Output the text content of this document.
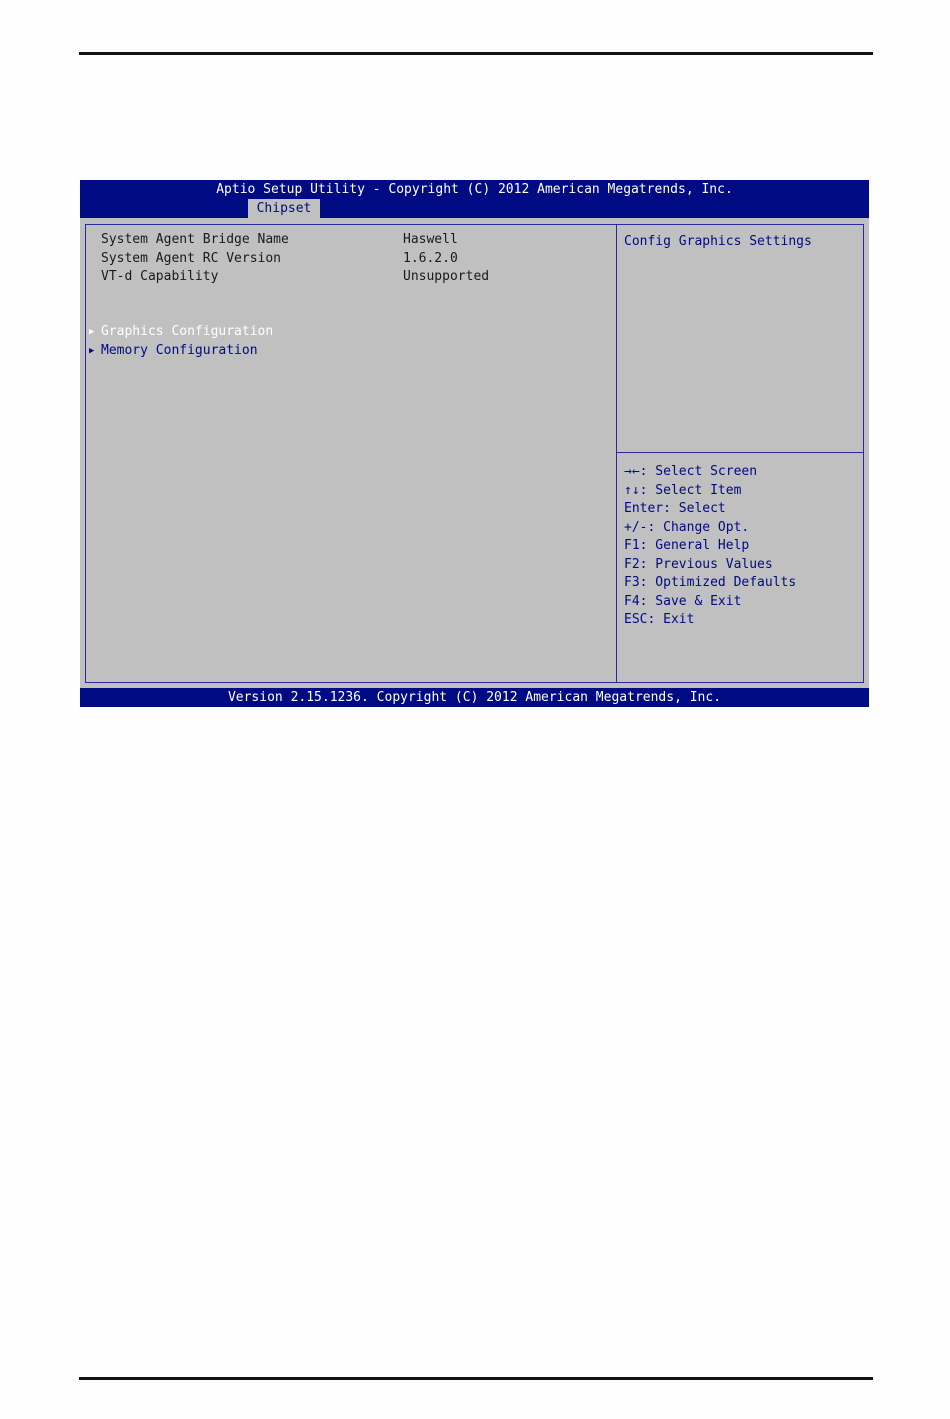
Aptio Setup Utility - Copyright (C) 2012 American Megatrends, Inc.
Chipset

System Agent Bridge Name

	Haswell

System Agent RC Version

	1.6.2.0

VT-d Capability

	Unsupported

▶

Graphics Configuration

▶

Memory Configuration

Config Graphics Settings
→←: Select Screen
↑↓: Select Item
Enter: Select
+/-: Change Opt.
F1: General Help
F2: Previous Values
F3: Optimized Defaults
F4: Save & Exit
ESC: Exit
Version 2.15.1236. Copyright (C) 2012 American Megatrends, Inc.
